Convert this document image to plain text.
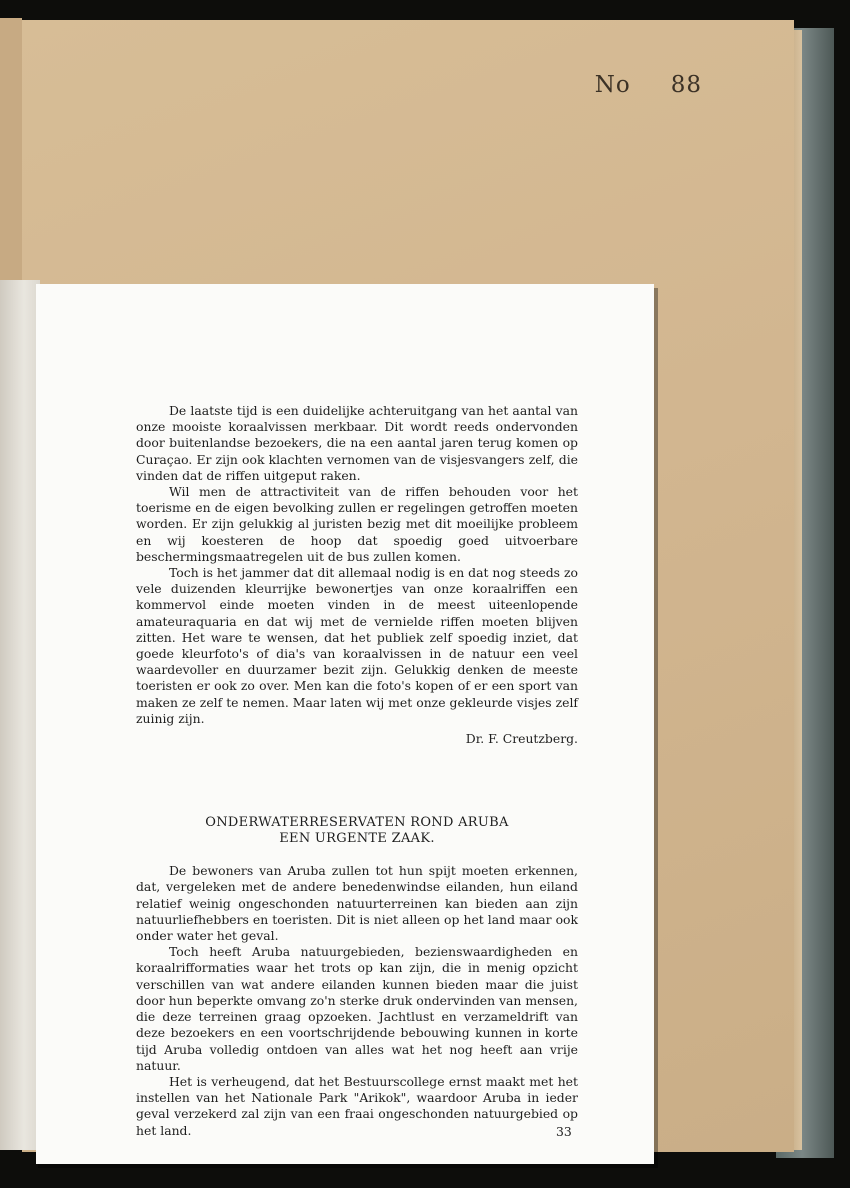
No 88

De laatste tijd is een duidelijke achteruitgang van het aantal van onze mooiste koraalvissen merkbaar. Dit wordt reeds ondervonden door buitenlandse bezoekers, die na een aantal jaren terug komen op Curaçao. Er zijn ook klachten vernomen van de visjesvangers zelf, die vinden dat de riffen uitgeput raken.

Wil men de attractiviteit van de riffen behouden voor het toerisme en de eigen bevolking zullen er regelingen getroffen moeten worden. Er zijn gelukkig al juristen bezig met dit moeilijke probleem en wij koesteren de hoop dat spoedig goed uitvoerbare beschermingsmaatregelen uit de bus zullen komen.

Toch is het jammer dat dit allemaal nodig is en dat nog steeds zo vele duizenden kleurrijke bewonertjes van onze koraalriffen een kommervol einde moeten vinden in de meest uiteenlopende amateuraquaria en dat wij met de vernielde riffen moeten blijven zitten. Het ware te wensen, dat het publiek zelf spoedig inziet, dat goede kleurfoto's of dia's van koraalvissen in de natuur een veel waardevoller en duurzamer bezit zijn. Gelukkig denken de meeste toeristen er ook zo over. Men kan die foto's kopen of er een sport van maken ze zelf te nemen. Maar laten wij met onze gekleurde visjes zelf zuinig zijn.

Dr. F. Creutzberg.
ONDERWATERRESERVATEN ROND ARUBA
EEN URGENTE ZAAK.

De bewoners van Aruba zullen tot hun spijt moeten erkennen, dat, vergeleken met de andere benedenwindse eilanden, hun eiland relatief weinig ongeschonden natuurterreinen kan bieden aan zijn natuurliefhebbers en toeristen. Dit is niet alleen op het land maar ook onder water het geval.

Toch heeft Aruba natuurgebieden, bezienswaardigheden en koraalrifformaties waar het trots op kan zijn, die in menig opzicht verschillen van wat andere eilanden kunnen bieden maar die juist door hun beperkte omvang zo'n sterke druk ondervinden van mensen, die deze terreinen graag opzoeken. Jachtlust en verzameldrift van deze bezoekers en een voortschrijdende bebouwing kunnen in korte tijd Aruba volledig ontdoen van alles wat het nog heeft aan vrije natuur.

Het is verheugend, dat het Bestuurscollege ernst maakt met het instellen van het Nationale Park "Arikok", waardoor Aruba in ieder geval verzekerd zal zijn van een fraai ongeschonden natuurgebied op het land.	33
